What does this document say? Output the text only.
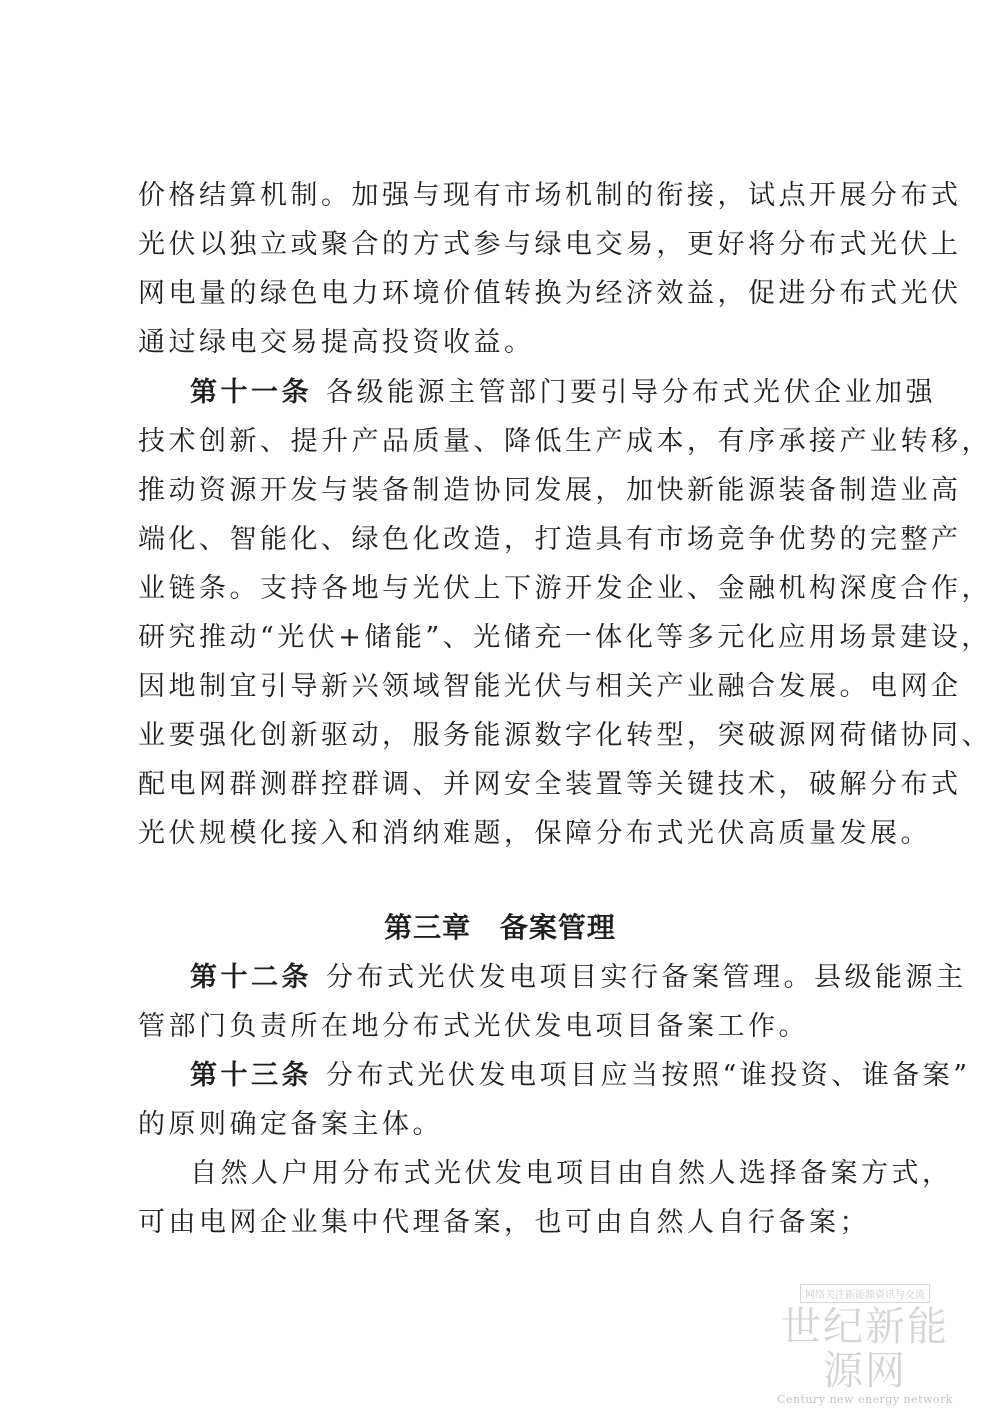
价格结算机制。加强与现有市场机制的衔接，试点开展分布式
光伏以独立或聚合的方式参与绿电交易，更好将分布式光伏上
网电量的绿色电力环境价值转换为经济效益，促进分布式光伏
通过绿电交易提高投资收益。
第十一条 各级能源主管部门要引导分布式光伏企业加强
技术创新、提升产品质量、降低生产成本，有序承接产业转移，
推动资源开发与装备制造协同发展，加快新能源装备制造业高
端化、智能化、绿色化改造，打造具有市场竞争优势的完整产
业链条。支持各地与光伏上下游开发企业、金融机构深度合作，
研究推动“光伏+储能”、光储充一体化等多元化应用场景建设，
因地制宜引导新兴领域智能光伏与相关产业融合发展。电网企
业要强化创新驱动，服务能源数字化转型，突破源网荷储协同、
配电网群测群控群调、并网安全装置等关键技术，破解分布式
光伏规模化接入和消纳难题，保障分布式光伏高质量发展。
第三章 备案管理
第十二条 分布式光伏发电项目实行备案管理。县级能源主
管部门负责所在地分布式光伏发电项目备案工作。
第十三条 分布式光伏发电项目应当按照“谁投资、谁备案”
的原则确定备案主体。
自然人户用分布式光伏发电项目由自然人选择备案方式，
可由电网企业集中代理备案，也可由自然人自行备案；
网络关注新能源资讯与交流
世纪新能源网
Century new energy network
